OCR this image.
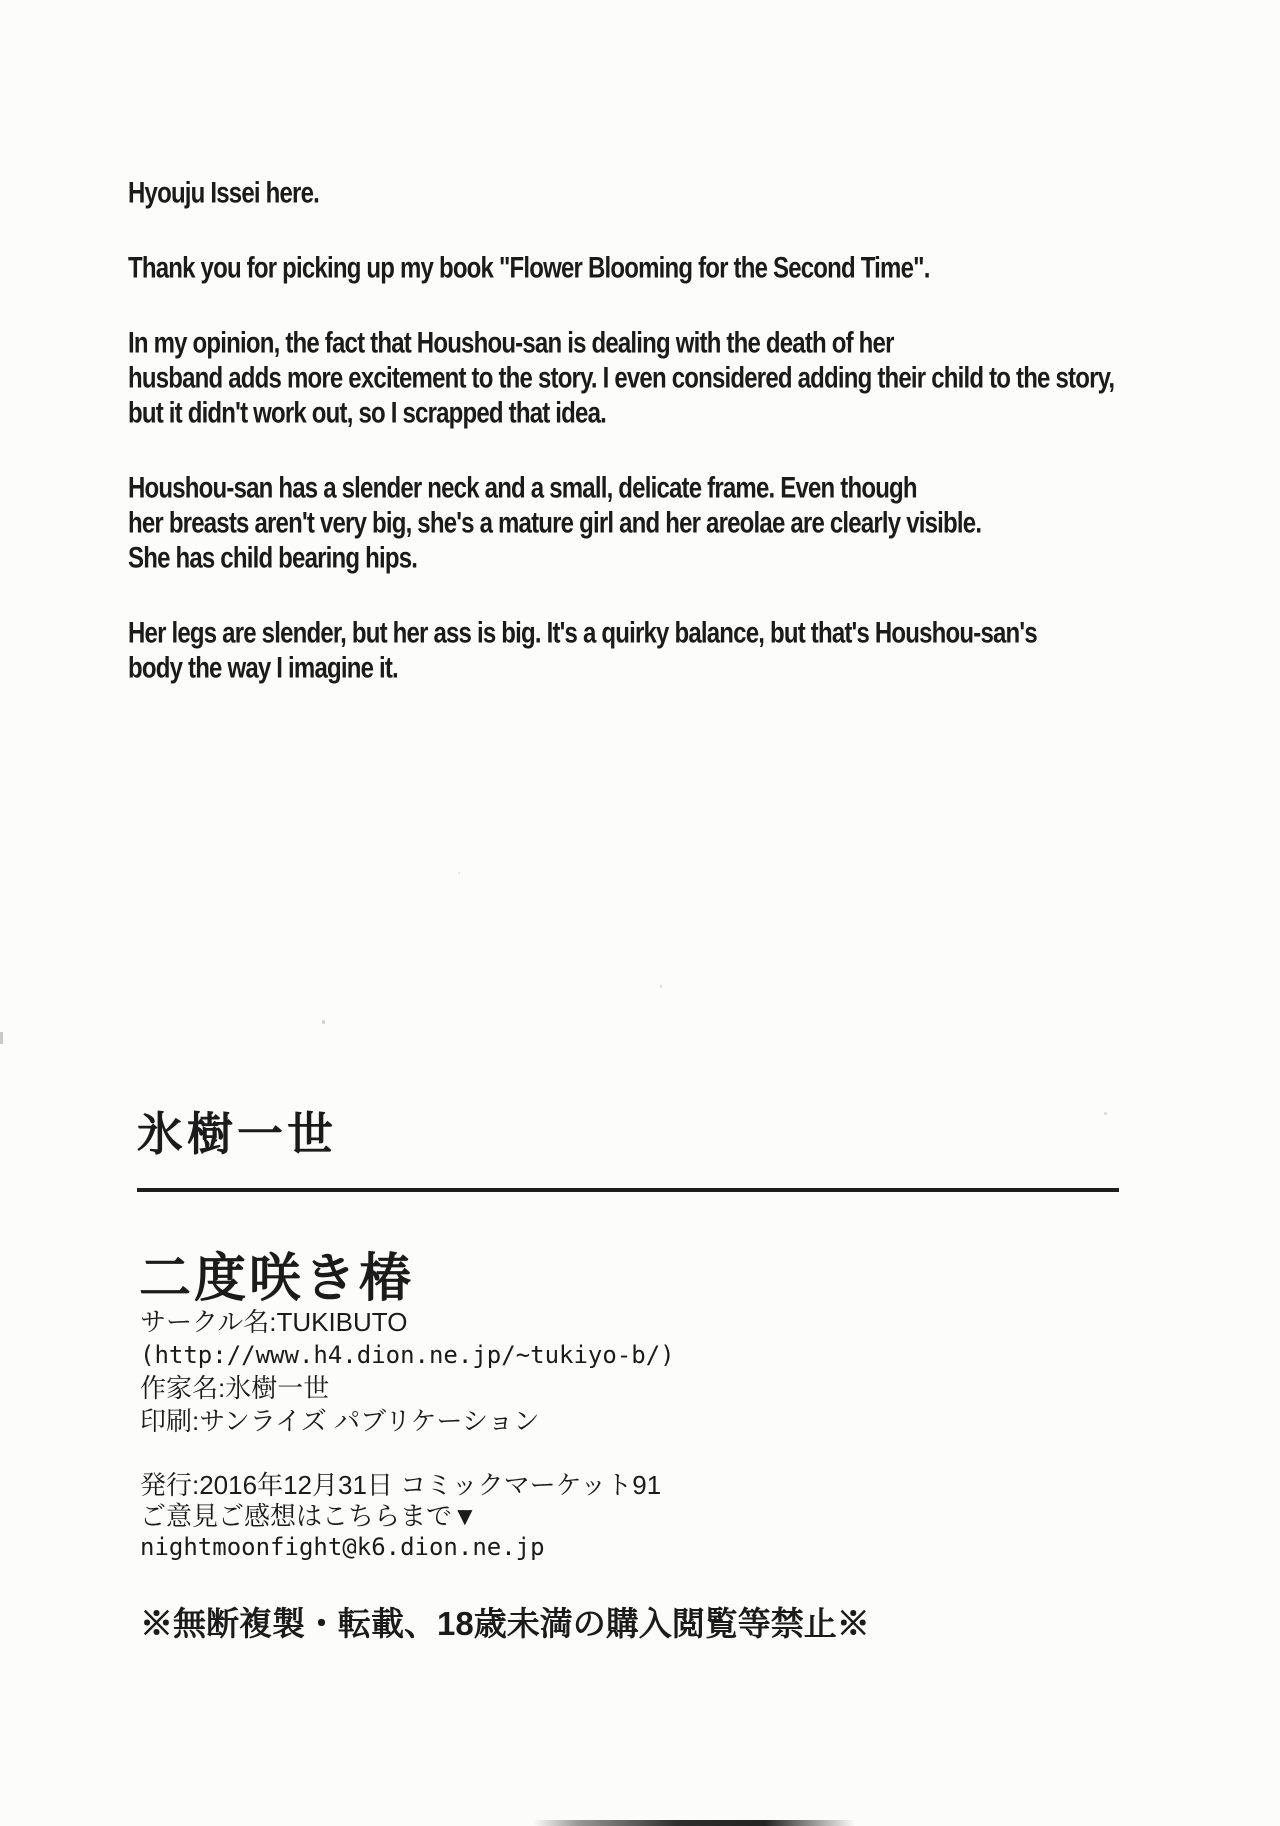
Hyouju Issei here.
Thank you for picking up my book "Flower Blooming for the Second Time".
In my opinion, the fact that Houshou-san is dealing with the death of her
husband adds more excitement to the story. I even considered adding their child to the story,
but it didn't work out, so I scrapped that idea.
Houshou-san has a slender neck and a small, delicate frame. Even though
her breasts aren't very big, she's a mature girl and her areolae are clearly visible.
She has child bearing hips.
Her legs are slender, but her ass is big. It's a quirky balance, but that's Houshou-san's
body the way I imagine it.
氷樹一世
二度咲き椿
サークル名:TUKIBUTO
(http://www.h4.dion.ne.jp/~tukiyo-b/)
作家名:氷樹一世
印刷:サンライズ パブリケーション
発行:2016年12月31日 コミックマーケット91
ご意見ご感想はこちらまで▼
nightmoonfight@k6.dion.ne.jp
※無断複製・転載、18歳未満の購入閲覧等禁止※
